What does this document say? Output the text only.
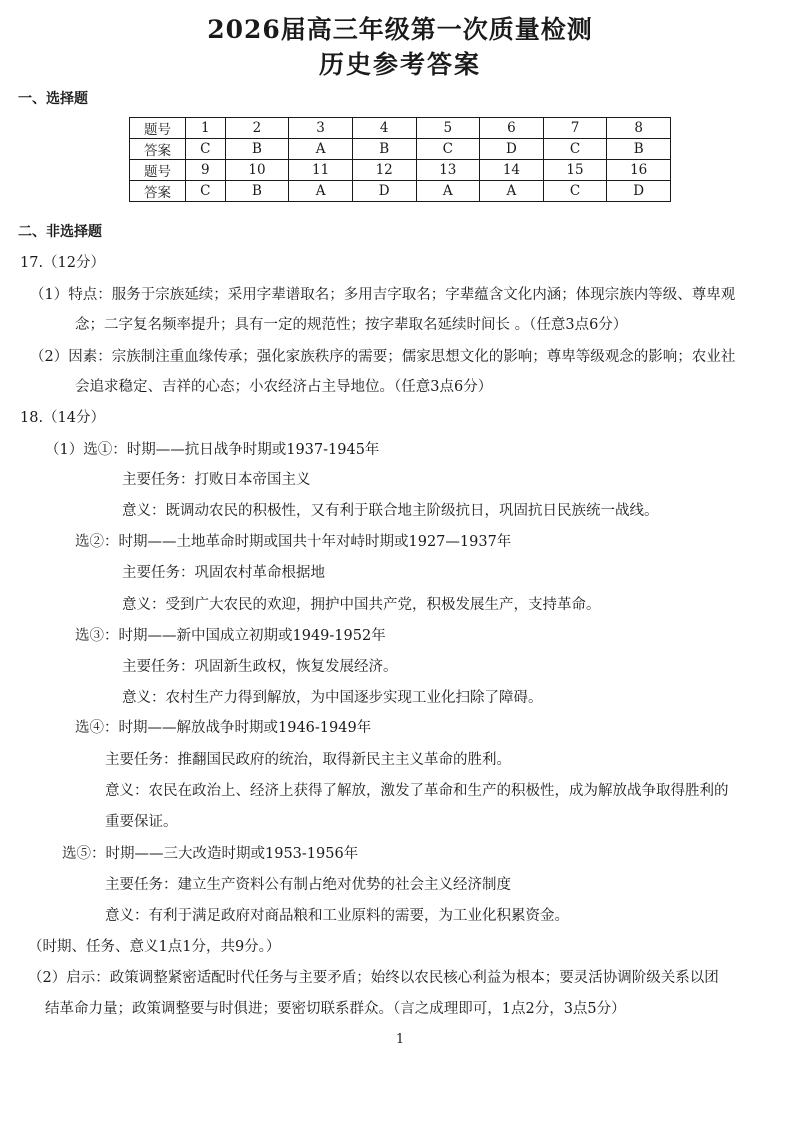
2026届高三年级第一次质量检测
历史参考答案
一、选择题
题号	1	2	3	4	5	6	7	8
答案	C	B	A	B	C	D	C	B
题号	9	10	11	12	13	14	15	16
答案	C	B	A	D	A	A	C	D
二、非选择题
17.（12分）
（1）特点：服务于宗族延续；采用字辈谱取名；多用吉字取名；字辈蕴含文化内涵；体现宗族内等级、尊卑观
念；二字复名频率提升；具有一定的规范性；按字辈取名延续时间长 。（任意3点6分）
（2）因素：宗族制注重血缘传承；强化家族秩序的需要；儒家思想文化的影响；尊卑等级观念的影响；农业社
会追求稳定、吉祥的心态；小农经济占主导地位。（任意3点6分）
18.（14分）
（1）选①：时期——抗日战争时期或1937-1945年
主要任务：打败日本帝国主义
意义：既调动农民的积极性，又有利于联合地主阶级抗日，巩固抗日民族统一战线。
选②：时期——土地革命时期或国共十年对峙时期或1927—1937年
主要任务：巩固农村革命根据地
意义：受到广大农民的欢迎，拥护中国共产党，积极发展生产，支持革命。
选③：时期——新中国成立初期或1949-1952年
主要任务：巩固新生政权，恢复发展经济。
意义：农村生产力得到解放，为中国逐步实现工业化扫除了障碍。
选④：时期——解放战争时期或1946-1949年
主要任务：推翻国民政府的统治，取得新民主主义革命的胜利。
意义：农民在政治上、经济上获得了解放，激发了革命和生产的积极性，成为解放战争取得胜利的
重要保证。
选⑤：时期——三大改造时期或1953-1956年
主要任务：建立生产资料公有制占绝对优势的社会主义经济制度
意义：有利于满足政府对商品粮和工业原料的需要，为工业化积累资金。
（时期、任务、意义1点1分，共9分。）
（2）启示：政策调整紧密适配时代任务与主要矛盾；始终以农民核心利益为根本；要灵活协调阶级关系以团
结革命力量；政策调整要与时俱进；要密切联系群众。（言之成理即可，1点2分，3点5分）
1
